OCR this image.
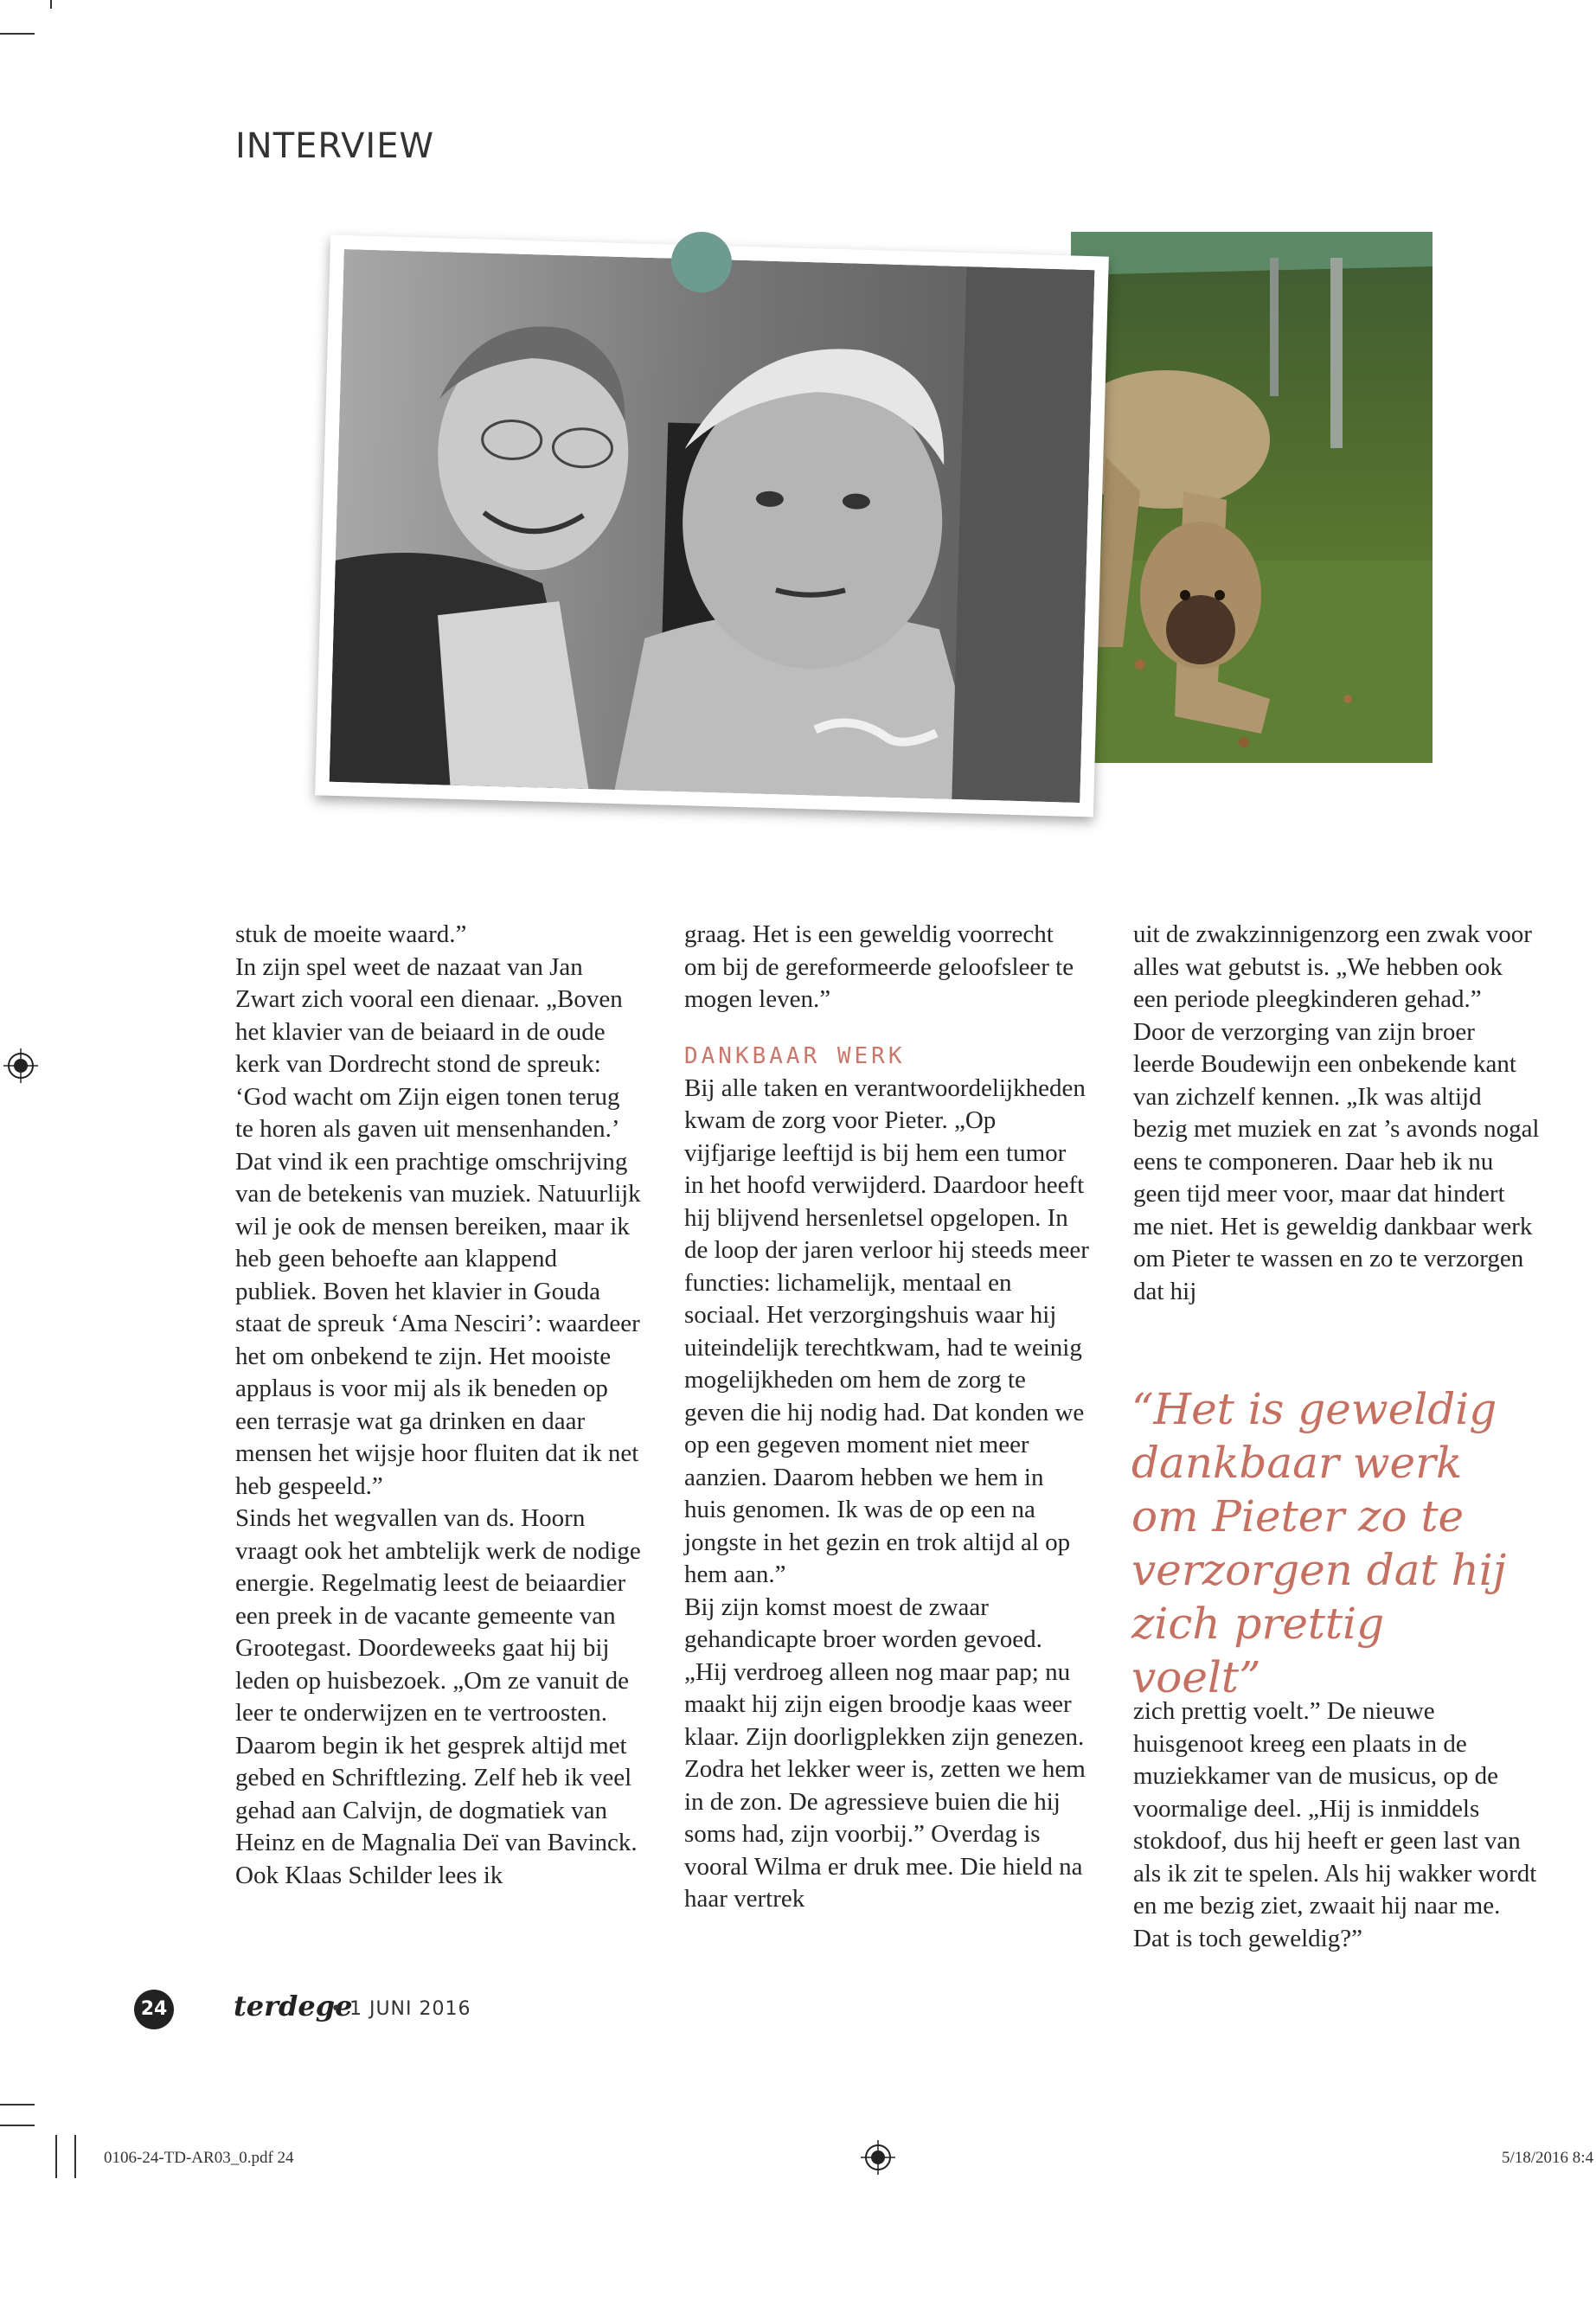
INTERVIEW

stuk de moeite waard.”

In zijn spel weet de nazaat van Jan Zwart zich vooral een dienaar. „Boven het klavier van de beiaard in de oude kerk van Dordrecht stond de spreuk: ‘God wacht om Zijn eigen tonen terug te horen als gaven uit mensenhanden.’ Dat vind ik een prachtige omschrijving van de betekenis van muziek. Natuurlijk wil je ook de mensen bereiken, maar ik heb geen behoefte aan klappend publiek. Boven het klavier in Gouda staat de spreuk ‘Ama Nesciri’: waardeer het om onbekend te zijn. Het mooiste applaus is voor mij als ik beneden op een terrasje wat ga drinken en daar mensen het wijsje hoor fluiten dat ik net heb gespeeld.”

Sinds het wegvallen van ds. Hoorn vraagt ook het ambtelijk werk de nodige energie. Regelmatig leest de beiaardier een preek in de vacante gemeente van Grootegast. Doordeweeks gaat hij bij leden op huisbezoek. „Om ze vanuit de leer te onderwijzen en te vertroosten. Daarom begin ik het gesprek altijd met gebed en Schriftlezing. Zelf heb ik veel gehad aan Calvijn, de dogmatiek van Heinz en de Magnalia Deï van Bavinck. Ook Klaas Schilder lees ik

graag. Het is een geweldig voorrecht om bij de gereformeerde geloofsleer te mogen leven.”

DANKBAAR WERK

Bij alle taken en verantwoordelijkheden kwam de zorg voor Pieter. „Op vijfjarige leeftijd is bij hem een tumor in het hoofd verwijderd. Daardoor heeft hij blijvend hersenletsel opgelopen. In de loop der jaren verloor hij steeds meer functies: lichamelijk, mentaal en sociaal. Het verzorgingshuis waar hij uiteindelijk terechtkwam, had te weinig mogelijkheden om hem de zorg te geven die hij nodig had. Dat konden we op een gegeven moment niet meer aanzien. Daarom hebben we hem in huis genomen. Ik was de op een na jongste in het gezin en trok altijd al op hem aan.”

Bij zijn komst moest de zwaar gehandicapte broer worden gevoed. „Hij verdroeg alleen nog maar pap; nu maakt hij zijn eigen broodje kaas weer klaar. Zijn doorligplekken zijn genezen. Zodra het lekker weer is, zetten we hem in de zon. De agressieve buien die hij soms had, zijn voorbij.” Overdag is vooral Wilma er druk mee. Die hield na haar vertrek

uit de zwakzinnigenzorg een zwak voor alles wat gebutst is. „We hebben ook een periode pleegkinderen gehad.”

Door de verzorging van zijn broer leerde Boudewijn een onbekende kant van zichzelf kennen. „Ik was altijd bezig met muziek en zat ’s avonds nogal eens te componeren. Daar heb ik nu geen tijd meer voor, maar dat hindert me niet. Het is geweldig dankbaar werk om Pieter te wassen en zo te verzorgen dat hij

“Het is geweldig dankbaar werk om Pieter zo te verzorgen dat hij zich prettig voelt”

zich prettig voelt.” De nieuwe huisgenoot kreeg een plaats in de muziekkamer van de musicus, op de voormalige deel. „Hij is inmiddels stokdoof, dus hij heeft er geen last van als ik zit te spelen. Als hij wakker wordt en me bezig ziet, zwaait hij naar me. Dat is toch geweldig?”

24 terdege
• 1 JUNI 2016
0106-24-TD-AR03_0.pdf 24	5/18/2016 8:4
